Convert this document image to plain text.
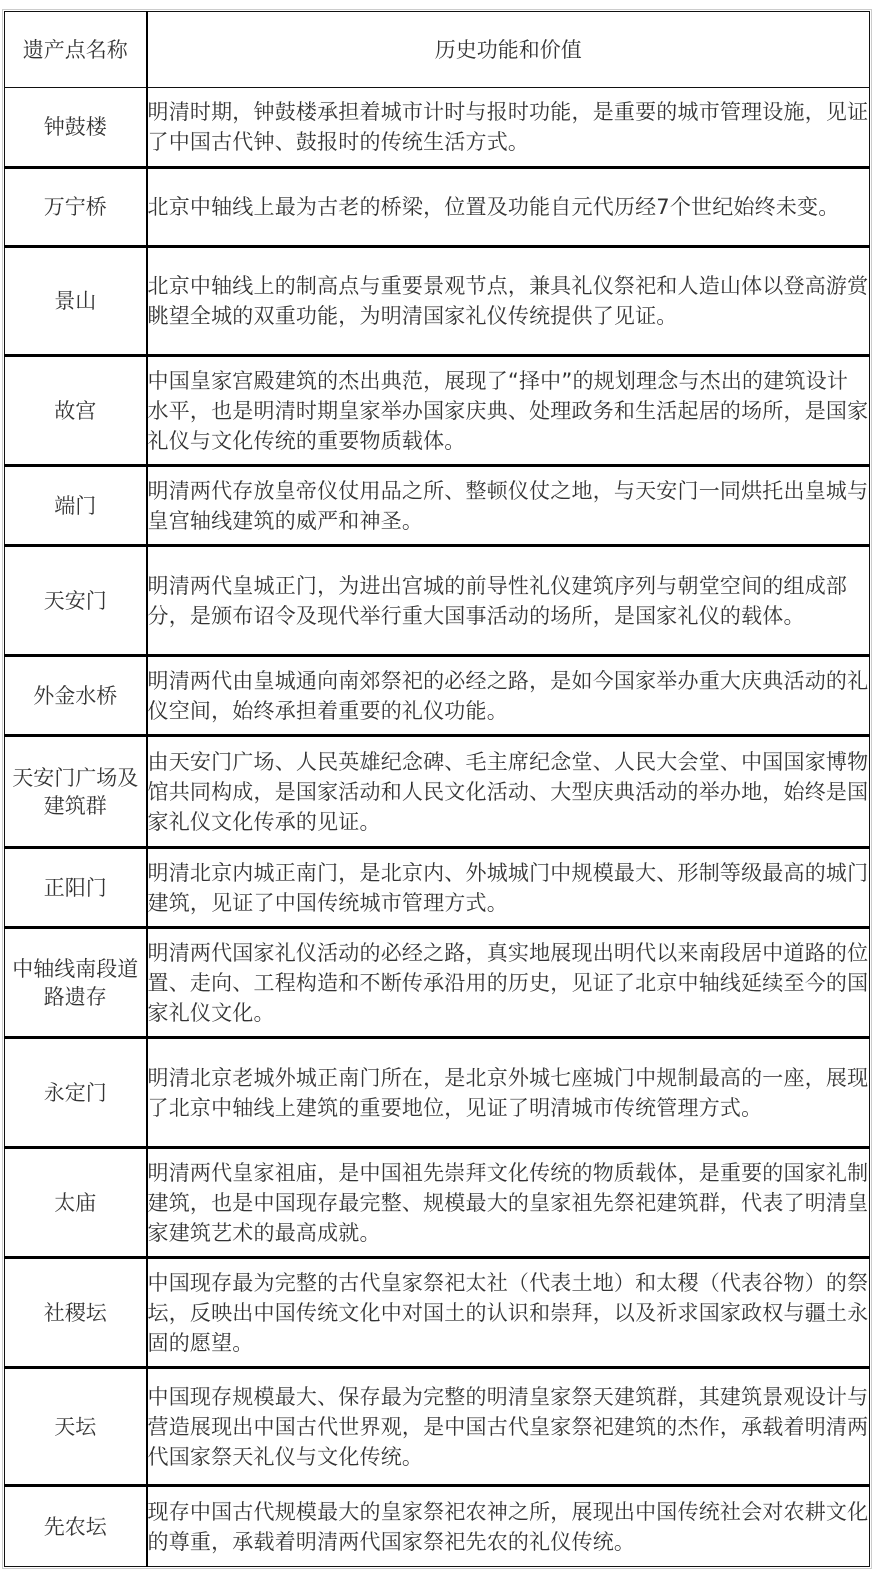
遗产点名称	历史功能和价值
钟鼓楼	明清时期，钟鼓楼承担着城市计时与报时功能，是重要的城市管理设施，见证了中国古代钟、鼓报时的传统生活方式。
万宁桥	北京中轴线上最为古老的桥梁，位置及功能自元代历经7个世纪始终未变。
景山	北京中轴线上的制高点与重要景观节点，兼具礼仪祭祀和人造山体以登高游赏眺望全城的双重功能，为明清国家礼仪传统提供了见证。
故宫	中国皇家宫殿建筑的杰出典范，展现了“择中”的规划理念与杰出的建筑设计水平，也是明清时期皇家举办国家庆典、处理政务和生活起居的场所，是国家礼仪与文化传统的重要物质载体。
端门	明清两代存放皇帝仪仗用品之所、整顿仪仗之地，与天安门一同烘托出皇城与皇宫轴线建筑的威严和神圣。
天安门	明清两代皇城正门，为进出宫城的前导性礼仪建筑序列与朝堂空间的组成部分，是颁布诏令及现代举行重大国事活动的场所，是国家礼仪的载体。
外金水桥	明清两代由皇城通向南郊祭祀的必经之路，是如今国家举办重大庆典活动的礼仪空间，始终承担着重要的礼仪功能。
天安门广场及建筑群	由天安门广场、人民英雄纪念碑、毛主席纪念堂、人民大会堂、中国国家博物馆共同构成，是国家活动和人民文化活动、大型庆典活动的举办地，始终是国家礼仪文化传承的见证。
正阳门	明清北京内城正南门，是北京内、外城城门中规模最大、形制等级最高的城门建筑，见证了中国传统城市管理方式。
中轴线南段道路遗存	明清两代国家礼仪活动的必经之路，真实地展现出明代以来南段居中道路的位置、走向、工程构造和不断传承沿用的历史，见证了北京中轴线延续至今的国家礼仪文化。
永定门	明清北京老城外城正南门所在，是北京外城七座城门中规制最高的一座，展现了北京中轴线上建筑的重要地位，见证了明清城市传统管理方式。
太庙	明清两代皇家祖庙，是中国祖先崇拜文化传统的物质载体，是重要的国家礼制建筑，也是中国现存最完整、规模最大的皇家祖先祭祀建筑群，代表了明清皇家建筑艺术的最高成就。
社稷坛	中国现存最为完整的古代皇家祭祀太社（代表土地）和太稷（代表谷物）的祭坛，反映出中国传统文化中对国土的认识和崇拜，以及祈求国家政权与疆土永固的愿望。
天坛	中国现存规模最大、保存最为完整的明清皇家祭天建筑群，其建筑景观设计与营造展现出中国古代世界观，是中国古代皇家祭祀建筑的杰作，承载着明清两代国家祭天礼仪与文化传统。
先农坛	现存中国古代规模最大的皇家祭祀农神之所，展现出中国传统社会对农耕文化的尊重，承载着明清两代国家祭祀先农的礼仪传统。
